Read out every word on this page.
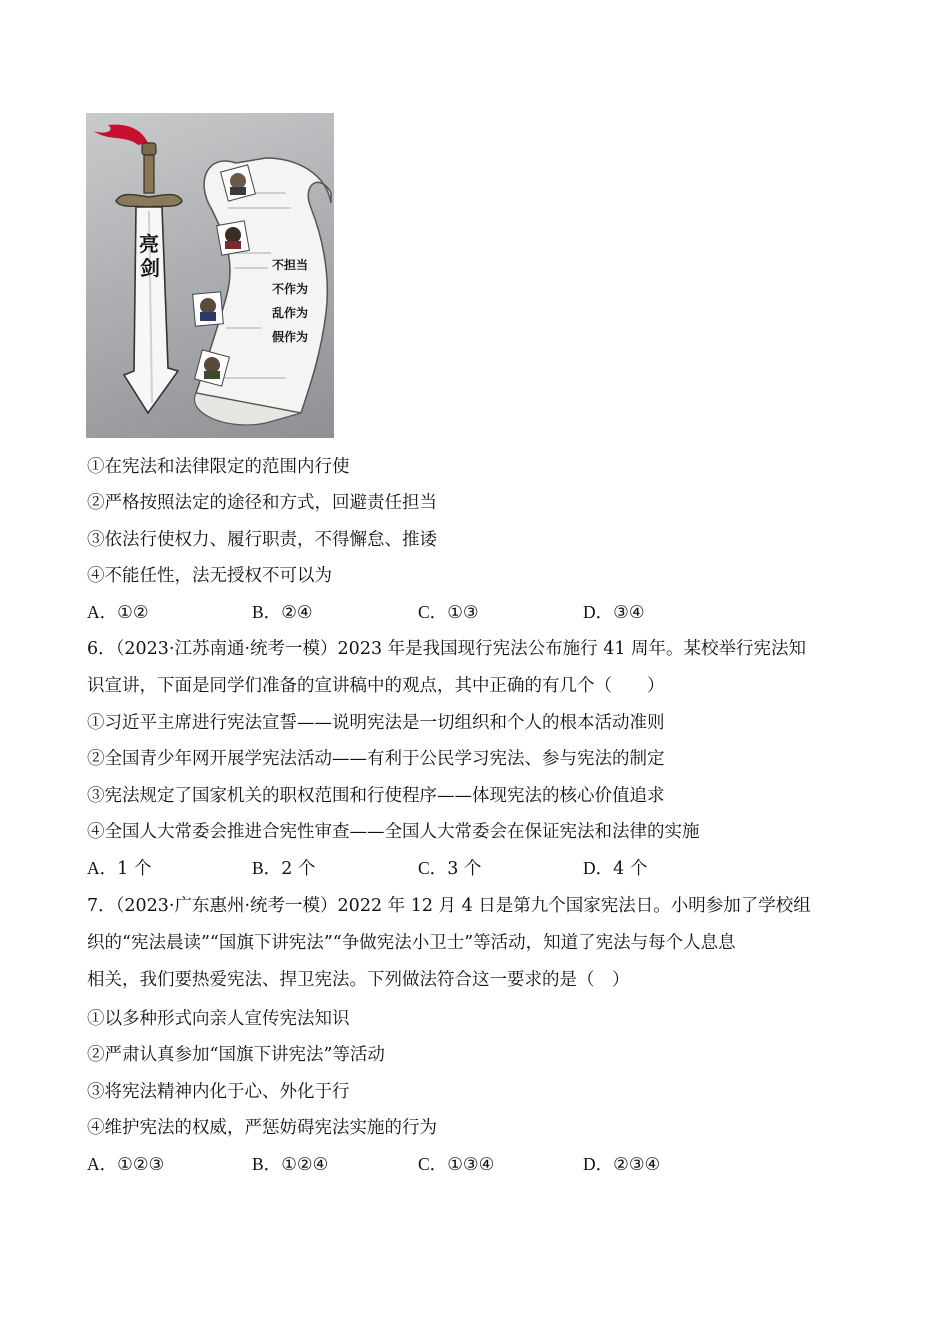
亮
剑	不担当
不作为
乱作为
假作为
①在宪法和法律限定的范围内行使
②严格按照法定的途径和方式，回避责任担当
③依法行使权力、履行职责，不得懈怠、推诿
④不能任性，法无授权不可以为
A．①②	B．②④	C．①③	D．③④
6．（2023·江苏南通·统考一模）2023 年是我国现行宪法公布施行 41 周年。某校举行宪法知
识宣讲，下面是同学们准备的宣讲稿中的观点，其中正确的有几个（　　）
①习近平主席进行宪法宣誓——说明宪法是一切组织和个人的根本活动准则
②全国青少年网开展学宪法活动——有利于公民学习宪法、参与宪法的制定
③宪法规定了国家机关的职权范围和行使程序——体现宪法的核心价值追求
④全国人大常委会推进合宪性审查——全国人大常委会在保证宪法和法律的实施
A．1 个	B．2 个	C．3 个	D．4 个
7．（2023·广东惠州·统考一模）2022 年 12 月 4 日是第九个国家宪法日。小明参加了学校组
织的“宪法晨读”“国旗下讲宪法”“争做宪法小卫士”等活动，知道了宪法与每个人息息
相关，我们要热爱宪法、捍卫宪法。下列做法符合这一要求的是（　）
①以多种形式向亲人宣传宪法知识
②严肃认真参加“国旗下讲宪法”等活动
③将宪法精神内化于心、外化于行
④维护宪法的权威，严惩妨碍宪法实施的行为
A．①②③	B．①②④	C．①③④	D．②③④
